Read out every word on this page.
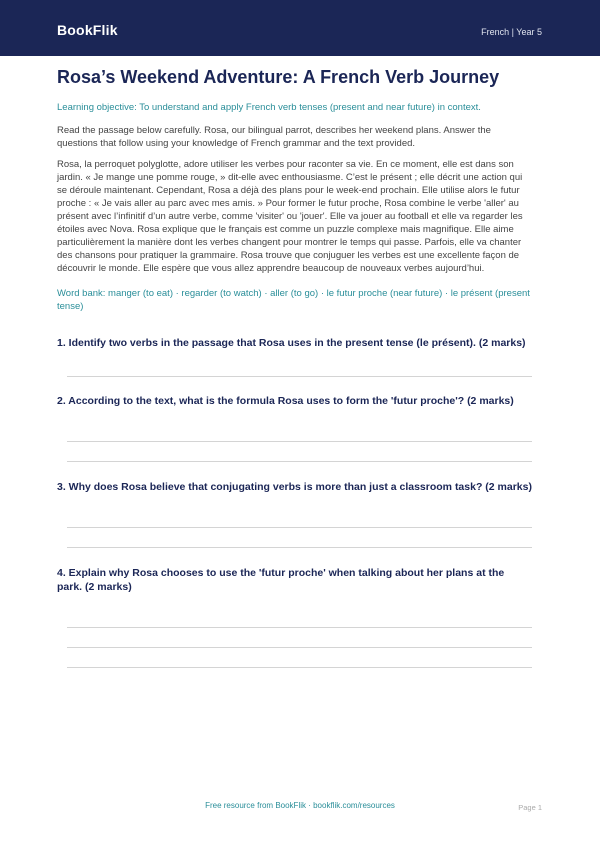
BookFlik	French | Year 5
Rosa’s Weekend Adventure: A French Verb Journey
Learning objective: To understand and apply French verb tenses (present and near future) in context.
Read the passage below carefully. Rosa, our bilingual parrot, describes her weekend plans. Answer the questions that follow using your knowledge of French grammar and the text provided.
Rosa, la perroquet polyglotte, adore utiliser les verbes pour raconter sa vie. En ce moment, elle est dans son jardin. « Je mange une pomme rouge, » dit-elle avec enthousiasme. C’est le présent ; elle décrit une action qui se déroule maintenant. Cependant, Rosa a déjà des plans pour le week-end prochain. Elle utilise alors le futur proche : « Je vais aller au parc avec mes amis. » Pour former le futur proche, Rosa combine le verbe 'aller' au présent avec l’infinitif d’un autre verbe, comme 'visiter' ou 'jouer'. Elle va jouer au football et elle va regarder les étoiles avec Nova. Rosa explique que le français est comme un puzzle complexe mais magnifique. Elle aime particulièrement la manière dont les verbes changent pour montrer le temps qui passe. Parfois, elle va chanter des chansons pour pratiquer la grammaire. Rosa trouve que conjuguer les verbes est une excellente façon de découvrir le monde. Elle espère que vous allez apprendre beaucoup de nouveaux verbes aujourd’hui.
Word bank: manger (to eat) · regarder (to watch) · aller (to go) · le futur proche (near future) · le présent (present tense)
1. Identify two verbs in the passage that Rosa uses in the present tense (le présent). (2 marks)
2. According to the text, what is the formula Rosa uses to form the 'futur proche'? (2 marks)
3. Why does Rosa believe that conjugating verbs is more than just a classroom task? (2 marks)
4. Explain why Rosa chooses to use the 'futur proche' when talking about her plans at the park. (2 marks)
Free resource from BookFlik · bookflik.com/resources	Page 1
